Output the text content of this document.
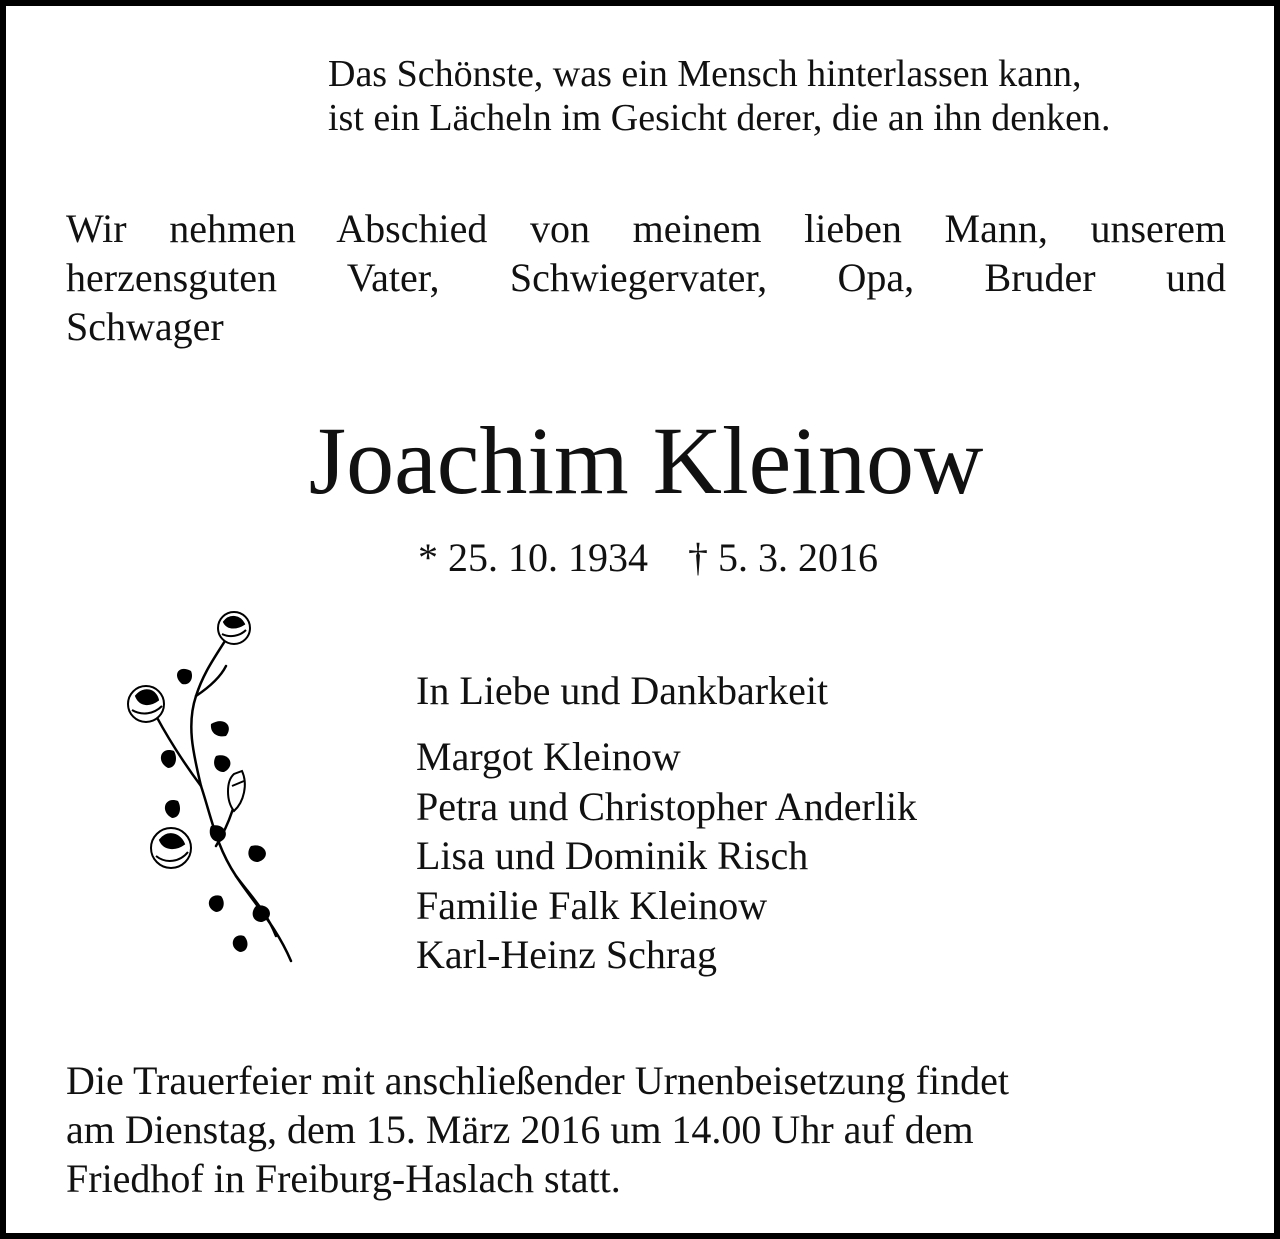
Das Schönste, was ein Mensch hinterlassen kann,
ist ein Lächeln im Gesicht derer, die an ihn denken.
Wir nehmen Abschied von meinem lieben Mann, unserem
herzensguten Vater, Schwiegervater, Opa, Bruder und
Schwager
Joachim Kleinow
* 25. 10. 1934 † 5. 3. 2016
In Liebe und Dankbarkeit
Margot Kleinow
Petra und Christopher Anderlik
Lisa und Dominik Risch
Familie Falk Kleinow
Karl-Heinz Schrag
Die Trauerfeier mit anschließender Urnenbeisetzung findet
am Dienstag, dem 15. März 2016 um 14.00 Uhr auf dem
Friedhof in Freiburg-Haslach statt.
